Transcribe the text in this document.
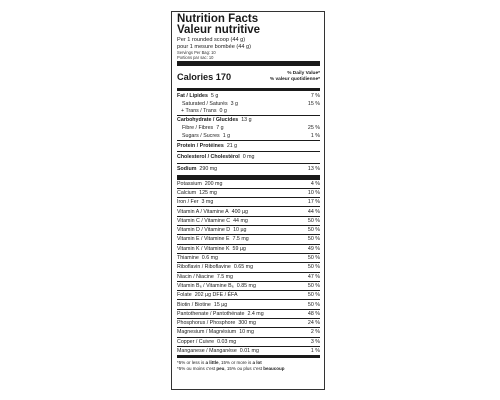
Nutrition Facts
Valeur nutritive
Per 1 rounded scoop (44 g)
pour 1 mesure bombée (44 g)
Servings Per Bag: 10
Portions par sac: 10
Calories 170	% Daily Value*
% valeur quotidienne*
Fat / Lipides 5 g	7 %
Saturated / Saturés 3 g	15 %
+ Trans / Trans 0 g
Carbohydrate / Glucides 13 g
Fibre / Fibres 7 g	25 %
Sugars / Sucres 1 g	1 %
Protein / Protéines 21 g
Cholesterol / Cholestérol 0 mg
Sodium 290 mg	13 %
Potassium 200 mg	4 %
Calcium 125 mg	10 %
Iron / Fer 3 mg	17 %
Vitamin A / Vitamine A 400 µg	44 %
Vitamin C / Vitamine C 44 mg	50 %
Vitamin D / Vitamine D 10 µg	50 %
Vitamin E / Vitamine E 7.5 mg	50 %
Vitamin K / Vitamine K 59 µg	49 %
Thiamine 0.6 mg	50 %
Riboflavin / Riboflavine 0.65 mg	50 %
Niacin / Niacine 7.5 mg	47 %
Vitamin B₆ / Vitamine B₆ 0.85 mg	50 %
Folate 202 µg DFE / ÉFA	50 %
Biotin / Biotine 15 µg	50 %
Pantothenate / Pantothénate 2.4 mg	48 %
Phosphorus / Phosphore 300 mg	24 %
Magnesium / Magnésium 10 mg	2 %
Copper / Cuivre 0.03 mg	3 %
Manganese / Manganèse 0.01 mg	1 %
*5% or less is a little, 15% or more is a lot
*5% ou moins c'est peu, 15% ou plus c'est beaucoup
